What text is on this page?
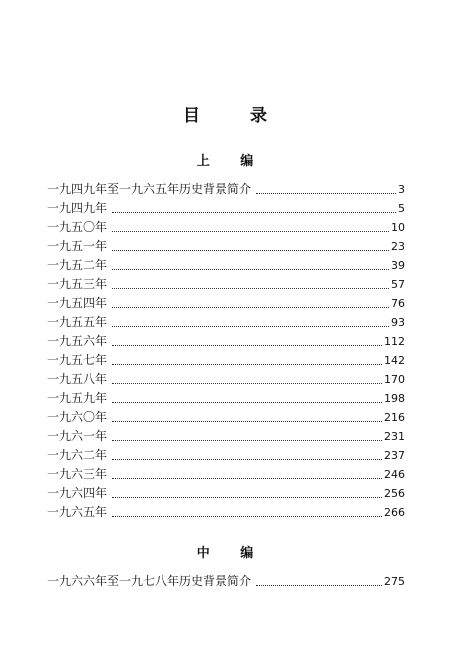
目 录
上 编
一九四九年至一九六五年历史背景简介	3
一九四九年	5
一九五〇年	10
一九五一年	23
一九五二年	39
一九五三年	57
一九五四年	76
一九五五年	93
一九五六年	112
一九五七年	142
一九五八年	170
一九五九年	198
一九六〇年	216
一九六一年	231
一九六二年	237
一九六三年	246
一九六四年	256
一九六五年	266
中 编
一九六六年至一九七八年历史背景简介	275
